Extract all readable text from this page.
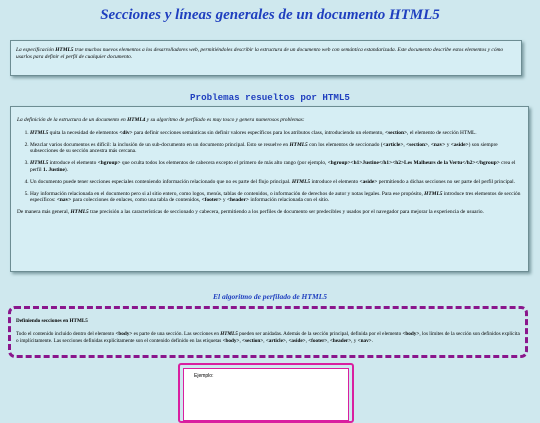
Secciones y líneas generales de un documento HTML5
La especificación HTML5 trae muchos nuevos elementos a los desarrolladores web, permitiéndoles describir la estructura de un documento web con semántica estandarizada. Este documento describe estos elementos y cómo usarlos para definir el perfil de cualquier documento.
Problemas resueltos por HTML5
La definición de la estructura de un documento en HTML4 y su algoritmo de perfilado es muy tosco y genera numerosos problemas:
1. HTML5 quita la necesidad de elementos <div> para definir secciones semánticas sin definir valores específicos para los atributos class, introduciendo un elemento, <section>, el elemento de sección HTML.
2. Mezclar varios documentos es difícil: la inclusión de un sub-documento en un documento principal. Esto se resuelve en HTML5 con los elementos de seccionado (<article>, <section>, <nav> y <aside>) son siempre subsecciones de su sección ancestra más cercana.
3. HTML5 introduce el elemento <hgroup> que oculta todos los elementos de cabecera excepto el primero de más alto rango (por ejemplo, <hgroup><h1>Justine</h1><h2>Les Malheurs de la Vertu</h2></hgroup> crea el perfil 1. Justine).
4. Un documento puede tener secciones especiales conteniendo información relacionado que no es parte del flujo principal. HTML5 introduce el elemento <aside> permitiendo a dichas secciones no ser parte del perfil principal.
5. Hay información relacionada en el documento pero si al sitio entero, como logos, menús, tablas de contenidos, o información de derechos de autor y notas legales. Para ese propósito, HTML5 introduce tres elementos de sección específicos: <nav> para colecciones de enlaces, como una tabla de contenidos, <footer> y <header> información relacionada con el sitio.
De manera más general, HTML5 trae precisión a las características de seccionado y cabecera, permitiendo a los perfiles de documento ser predecibles y usados por el navegador para mejorar la experiencia de usuario.
El algoritmo de perfilado de HTML5
Definiendo secciones en HTML5
Todo el contenido incluido dentro del elemento <body> es parte de una sección. Las secciones en HTML5 pueden ser anidadas. Además de la sección principal, definida por el elemento <body>, los límites de la sección son definidos explícita o implícitamente. Las secciones definidas explícitamente son el contenido definido en las etiquetas <body>, <section>, <article>, <aside>, <footer>, <header>, y <nav>.
Ejemplo:
